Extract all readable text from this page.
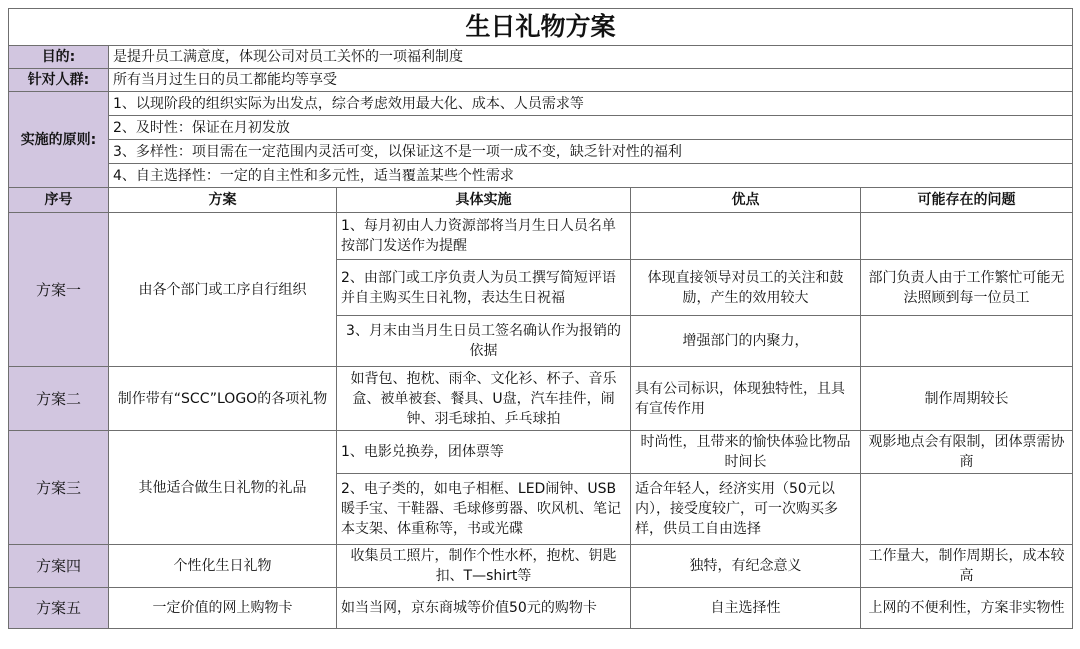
生日礼物方案				
目的:	是提升员工满意度，体现公司对员工关怀的一项福利制度			
针对人群:	所有当月过生日的员工都能均等享受			
实施的原则:	1、以现阶段的组织实际为出发点，综合考虑效用最大化、成本、人员需求等			
	2、及时性：保证在月初发放			
	3、多样性：项目需在一定范围内灵活可变，以保证这不是一项一成不变，缺乏针对性的福利			
	4、自主选择性：一定的自主性和多元性，适当覆盖某些个性需求			
序号	方案	具体实施	优点	可能存在的问题
方案一	由各个部门或工序自行组织	1、每月初由人力资源部将当月生日人员名单按部门发送作为提醒		
		2、由部门或工序负责人为员工撰写简短评语并自主购买生日礼物，表达生日祝福	体现直接领导对员工的关注和鼓励，产生的效用较大	部门负责人由于工作繁忙可能无法照顾到每一位员工
		3、月末由当月生日员工签名确认作为报销的依据	增强部门的内聚力，	
方案二	制作带有“SCC”LOGO的各项礼物	如背包、抱枕、雨伞、文化衫、杯子、音乐盒、被单被套、餐具、U盘，汽车挂件，闹钟、羽毛球拍、乒乓球拍	具有公司标识，体现独特性，且具有宣传作用	制作周期较长
方案三	其他适合做生日礼物的礼品	1、电影兑换券，团体票等	时尚性，且带来的愉快体验比物品时间长	观影地点会有限制，团体票需协商
		2、电子类的，如电子相框、LED闹钟、USB暖手宝、干鞋器、毛球修剪器、吹风机、笔记本支架、体重称等，书或光碟	适合年轻人，经济实用（50元以内），接受度较广，可一次购买多样，供员工自由选择	
方案四	个性化生日礼物	收集员工照片，制作个性水杯，抱枕、钥匙扣、T—shirt等	独特，有纪念意义	工作量大，制作周期长，成本较高
方案五	一定价值的网上购物卡	如当当网，京东商城等价值50元的购物卡	自主选择性	上网的不便利性，方案非实物性
